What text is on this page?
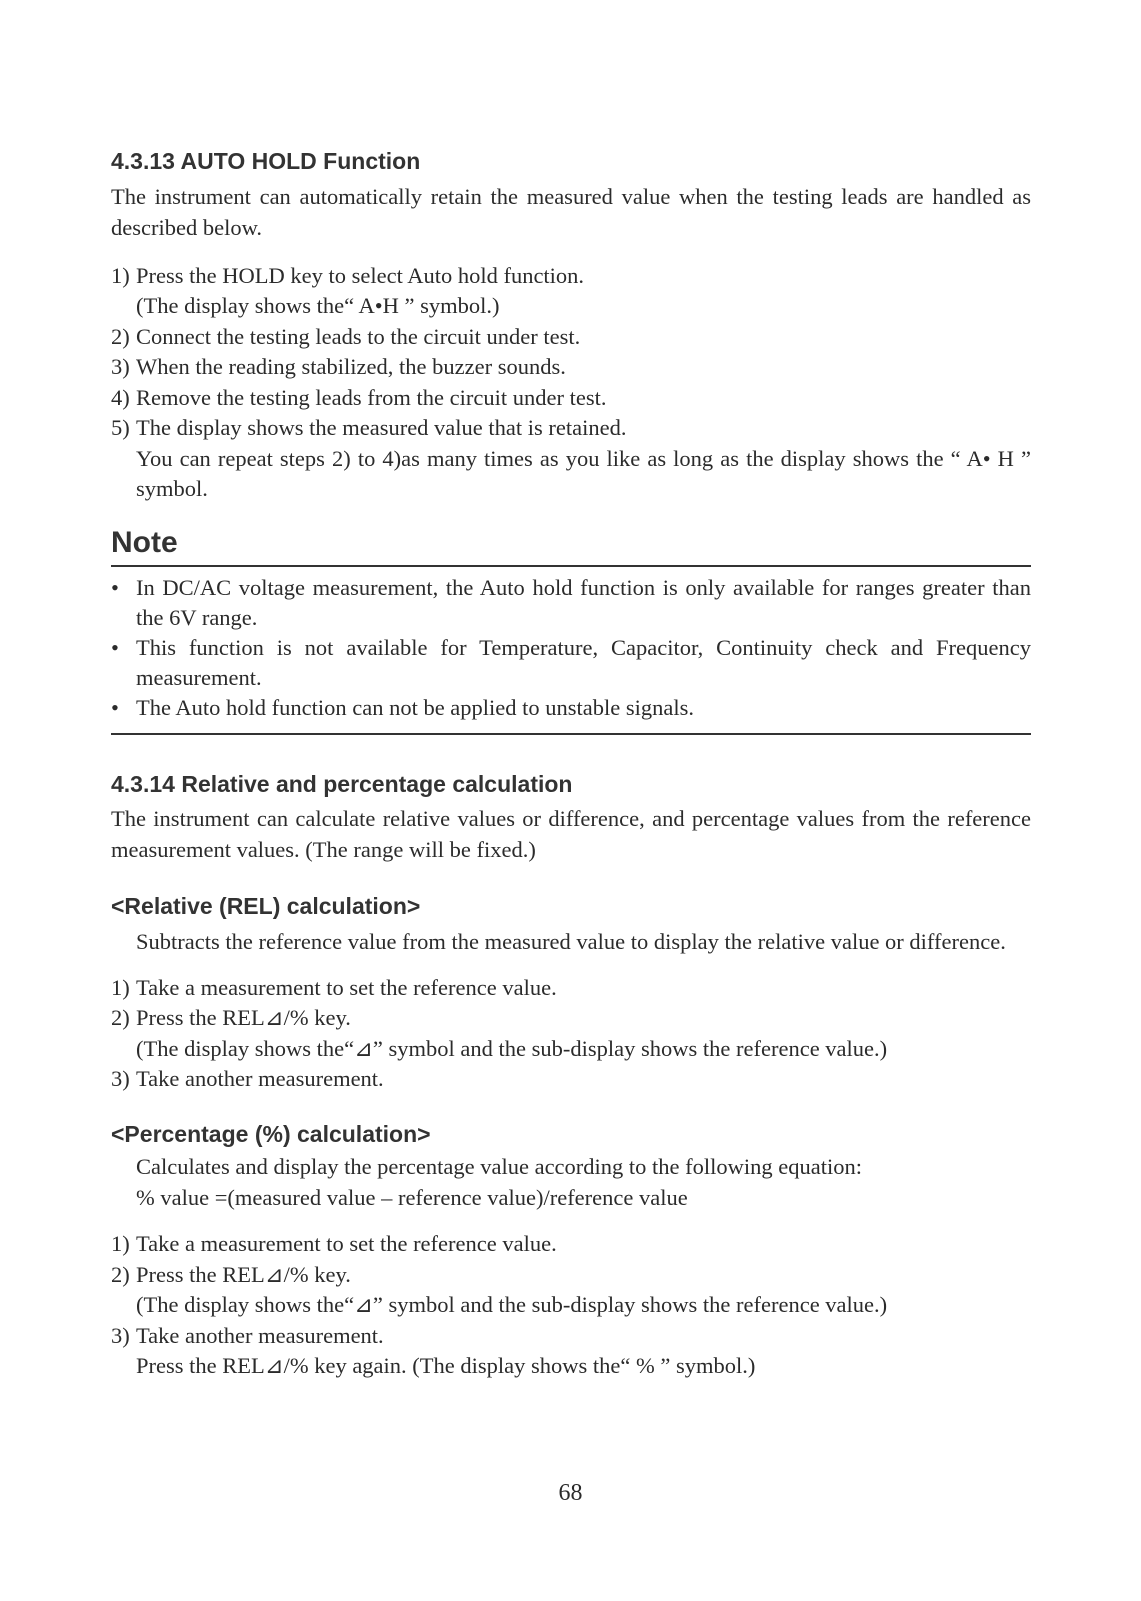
4.3.13 AUTO HOLD Function

The instrument can automatically retain the measured value when the testing leads are handled as described below.

1) Press the HOLD key to select Auto hold function.
(The display shows the“ A•H ” symbol.)
2) Connect the testing leads to the circuit under test.
3) When the reading stabilized, the buzzer sounds.
4) Remove the testing leads from the circuit under test.
5) The display shows the measured value that is retained.
You can repeat steps 2) to 4)as many times as you like as long as the display shows the “ A• H ” symbol.
Note
• In DC/AC voltage measurement, the Auto hold function is only available for ranges greater than the 6V range.
• This function is not available for Temperature, Capacitor, Continuity check and Frequency measurement.
• The Auto hold function can not be applied to unstable signals.
4.3.14 Relative and percentage calculation

The instrument can calculate relative values or difference, and percentage values from the reference measurement values. (The range will be fixed.)

<Relative (REL) calculation>

Subtracts the reference value from the measured value to display the relative value or difference.

1) Take a measurement to set the reference value.
2) Press the REL⊿/% key.
(The display shows the“⊿” symbol and the sub-display shows the reference value.)
3) Take another measurement.
<Percentage (%) calculation>
Calculates and display the percentage value according to the following equation:
% value =(measured value – reference value)/reference value
1) Take a measurement to set the reference value.
2) Press the REL⊿/% key.
(The display shows the“⊿” symbol and the sub-display shows the reference value.)
3) Take another measurement.
Press the REL⊿/% key again. (The display shows the“ % ” symbol.)
68
